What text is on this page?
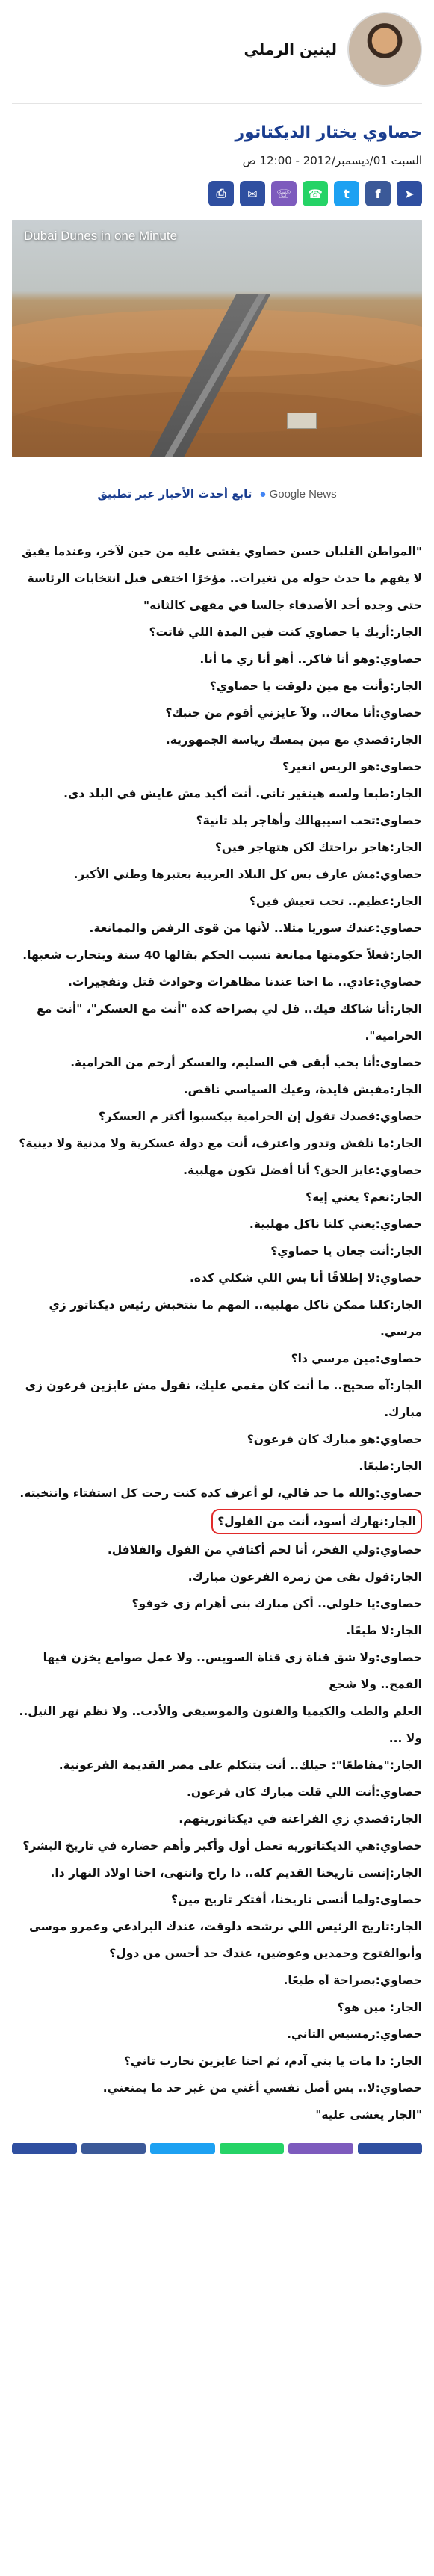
لينين الرملي
حصاوي يختار الديكتاتور
السبت 01/ديسمبر/2012 - 12:00 ص
➤
f
t
☎
☏
✉
⎙
Dubai Dunes in one Minute
تابع أحدث الأخبار عبر تطبيق ● Google News

"المواطن الغلبان حسن حصاوي يغشى عليه من حين لآخر، وعندما يفيق لا يفهم ما حدث حوله من تغيرات.. مؤخرًا اختفى قبل انتخابات الرئاسة حتى وجده أحد الأصدقاء جالسا في مقهى كالثانه"

الجار:أزيك يا حصاوي كنت فين المدة اللي فاتت؟

حصاوي:وهو أنا فاكر.. أهو أنا زي ما أنا.

الجار:وأنت مع مين دلوقت يا حصاوي؟

حصاوي:أنا معاك.. ولآ عايزني أقوم من جنبك؟

الجار:قصدي مع مين يمسك رياسة الجمهورية.

حصاوي:هو الريس اتغير؟

الجار:طبعا ولسه هيتغير تاني. أنت أكيد مش عايش في البلد دي.

حصاوي:تحب اسيبهالك وأهاجر بلد تانية؟

الجار:هاجر براحتك لكن هتهاجر فين؟

حصاوي:مش عارف بس كل البلاد العربية بعتبرها وطني الأكبر.

الجار:عظيم.. تحب تعيش فين؟

حصاوي:عندك سوريا مثلا.. لأنها من قوى الرفض والممانعة.

الجار:فعلاً حكومتها ممانعة تسبب الحكم بقالها 40 سنة وبتحارب شعبها.

حصاوي:عادي.. ما احنا عندنا مظاهرات وحوادث قتل وتفجيرات.

الجار:أنا شاكك فيك.. قل لي بصراحة كده "أنت مع العسكر"، "أنت مع الحرامية".

حصاوي:أنا بحب أبقى في السليم، والعسكر أرحم من الحرامية.

الجار:مفيش فايدة، وعيك السياسي ناقص.

حصاوي:قصدك تقول إن الحرامية بيكسبوا أكتر م العسكر؟

الجار:ما تلفش وتدور واعترف، أنت مع دولة عسكرية ولا مدنية ولا دينية؟

حصاوي:عايز الحق؟ أنا أفضل تكون مهلبية.

الجار:نعم؟ يعني إيه؟

حصاوي:يعني كلنا ناكل مهلبية.

الجار:أنت جعان يا حصاوي؟

حصاوي:لا إطلاقًا أنا بس اللي شكلي كده.

الجار:كلنا ممكن ناكل مهلبية.. المهم ما ننتخبش رئيس ديكتاتور زي مرسي.

حصاوي:مين مرسي دا؟

الجار:آه صحيح.. ما أنت كان مغمي عليك، نقول مش عايزين فرعون زي مبارك.

حصاوي:هو مبارك كان فرعون؟

الجار:طبعًا.

حصاوي:والله ما حد قالي، لو أعرف كده كنت رحت كل استفتاء وانتخبته.

الجار:نهارك أسود، أنت من الفلول؟

حصاوي:ولي الفخر، أنا لحم أكتافي من الفول والفلافل.

الجار:قول بقى من زمرة الفرعون مبارك.

حصاوي:يا حلولي.. أكن مبارك بنى أهرام زي خوفو؟

الجار:لا طبعًا.

حصاوي:ولا شق قناة زي قناة السويس.. ولا عمل صوامع يخزن فيها القمح.. ولا شجع

العلم والطب والكيميا والفنون والموسيقى والأدب.. ولا نظم نهر النيل.. ولا ...

الجار:"مقاطعًا": حيلك.. أنت بتتكلم على مصر القديمة الفرعونية.

حصاوي:أنت اللي قلت مبارك كان فرعون.

الجار:قصدي زي الفراعنة في ديكتاتوريتهم.

حصاوي:هي الديكتاتورية تعمل أول وأكبر وأهم حضارة في تاريخ البشر؟

الجار:إنسى تاريخنا القديم كله.. دا راح وانتهى، احنا اولاد النهار دا.

حصاوي:ولما أنسى تاريخنا، أفتكر تاريخ مين؟

الجار:تاريخ الرئيس اللي نرشحه دلوقت، عندك البرادعي وعمرو موسى وأبوالفتوح وحمدين وعوضين، عندك حد أحسن من دول؟

حصاوي:بصراحة آه طبعًا.

الجار: مين هو؟

حصاوي:رمسيس التاني.

الجار: دا مات يا بني آدم، ثم احنا عايزين نحارب تاني؟

حصاوي:لا.. بس أصل نفسي أغني من غير حد ما يمنعني.

"الجار يغشى عليه"
